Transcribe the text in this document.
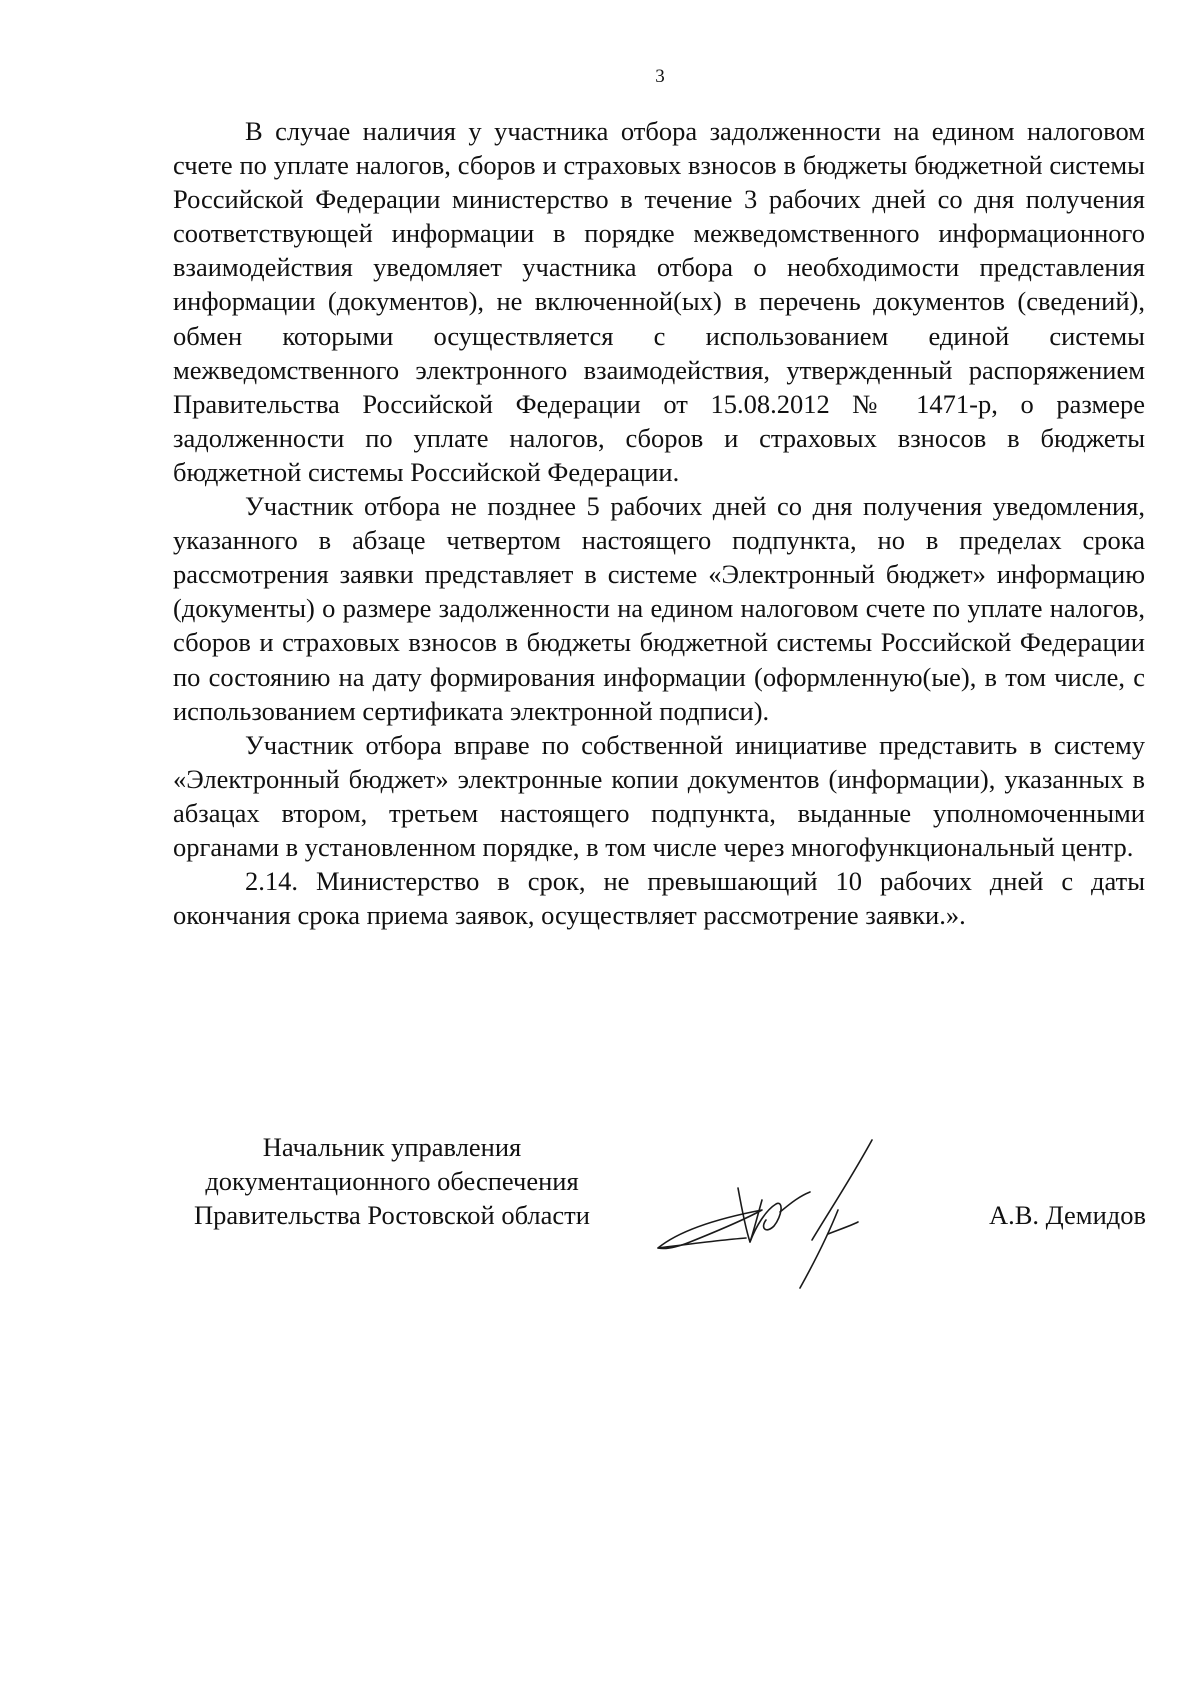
3

В случае наличия у участника отбора задолженности на едином налоговом счете по уплате налогов, сборов и страховых взносов в бюджеты бюджетной системы Российской Федерации министерство в течение 3 рабочих дней со дня получения соответствующей информации в порядке межведомственного информационного взаимодействия уведомляет участника отбора о необходимости представления информации (документов), не включенной(ых) в перечень документов (сведений), обмен которыми осуществляется с использованием единой системы межведомственного электронного взаимодействия, утвержденный распоряжением Правительства Российской Федерации от 15.08.2012 № 1471-р, о размере задолженности по уплате налогов, сборов и страховых взносов в бюджеты бюджетной системы Российской Федерации.

Участник отбора не позднее 5 рабочих дней со дня получения уведомления, указанного в абзаце четвертом настоящего подпункта, но в пределах срока рассмотрения заявки представляет в системе «Электронный бюджет» информацию (документы) о размере задолженности на едином налоговом счете по уплате налогов, сборов и страховых взносов в бюджеты бюджетной системы Российской Федерации по состоянию на дату формирования информации (оформленную(ые), в том числе, с использованием сертификата электронной подписи).

Участник отбора вправе по собственной инициативе представить в систему «Электронный бюджет» электронные копии документов (информации), указанных в абзацах втором, третьем настоящего подпункта, выданные уполномоченными органами в установленном порядке, в том числе через многофункциональный центр.

2.14. Министерство в срок, не превышающий 10 рабочих дней с даты окончания срока приема заявок, осуществляет рассмотрение заявки.».

Начальник управления
документационного обеспечения
Правительства Ростовской области	А.В. Демидов
